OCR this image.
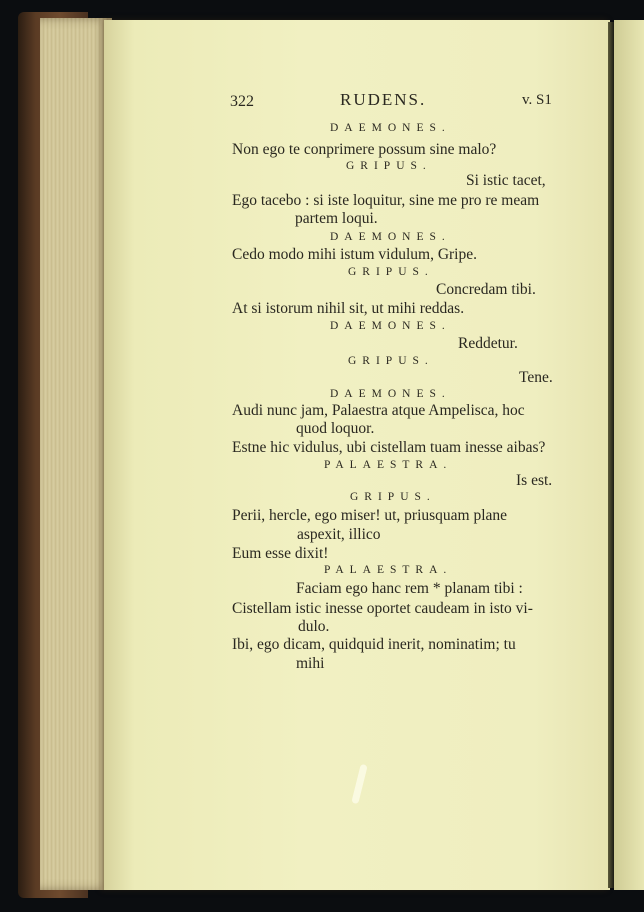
322	RUDENS.	v. S1
DAEMONES.
Non ego te conprimere possum sine malo?
GRIPUS.
Si istic tacet,
Ego tacebo : si iste loquitur, sine me pro re meam
partem loqui.
DAEMONES.
Cedo modo mihi istum vidulum, Gripe.
GRIPUS.
Concredam tibi.
At si istorum nihil sit, ut mihi reddas.
DAEMONES.
Reddetur.
GRIPUS.
Tene.
DAEMONES.
Audi nunc jam, Palaestra atque Ampelisca, hoc
quod loquor.
Estne hic vidulus, ubi cistellam tuam inesse aibas?
PALAESTRA.
Is est.
GRIPUS.
Perii, hercle, ego miser! ut, priusquam plane
aspexit, illico
Eum esse dixit!
PALAESTRA.
Faciam ego hanc rem * planam tibi :
Cistellam istic inesse oportet caudeam in isto vi-
dulo.
Ibi, ego dicam, quidquid inerit, nominatim; tu
mihi
